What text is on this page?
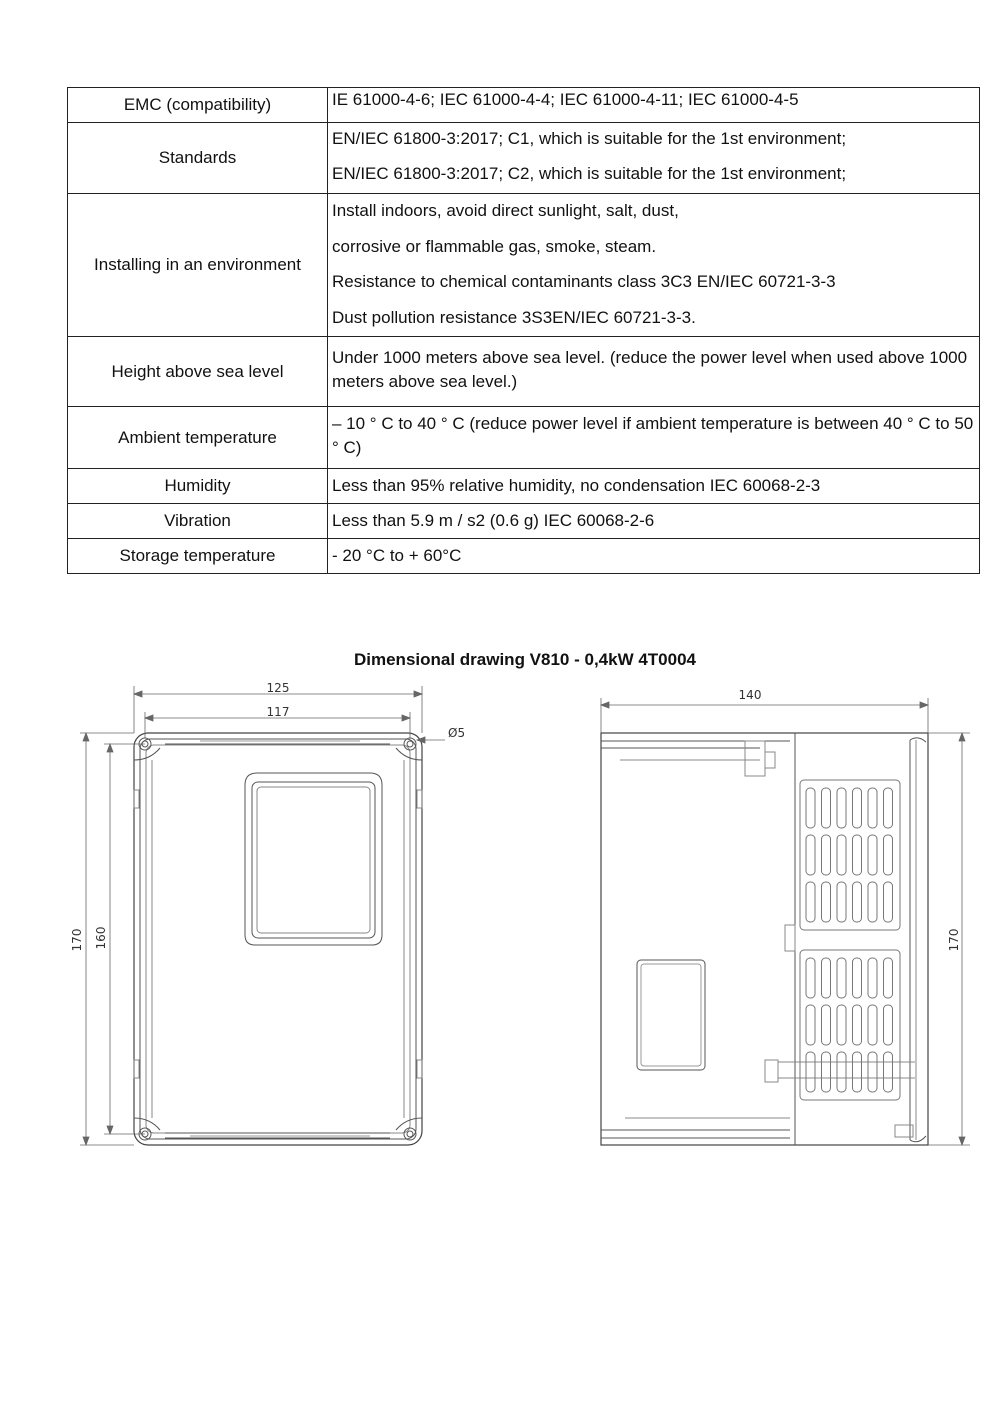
EMC (compatibility)	IE 61000-4-6; IEC 61000-4-4; IEC 61000-4-11; IEC 61000-4-5

Standards	EN/IEC 61800-3:2017; C1, which is suitable for the 1st environment;
EN/IEC 61800-3:2017; C2, which is suitable for the 1st environment;

Installing in an environment	Install indoors, avoid direct sunlight, salt, dust,
corrosive or flammable gas, smoke, steam.
Resistance to chemical contaminants class 3C3 EN/IEC 60721-3-3
Dust pollution resistance 3S3EN/IEC 60721-3-3.

Height above sea level	Under 1000 meters above sea level. (reduce the power level when used above 1000 meters above sea level.)
Ambient temperature	– 10 ° C to 40 ° C (reduce power level if ambient temperature is between 40 ° C to 50 ° C)
Humidity	Less than 95% relative humidity, no condensation IEC 60068-2-3
Vibration	Less than 5.9 m / s2 (0.6 g) IEC 60068-2-6
Storage temperature	- 20 °C to + 60°C
Dimensional drawing V810 - 0,4kW 4T0004
125
117
Ø5
170 160
140
170
